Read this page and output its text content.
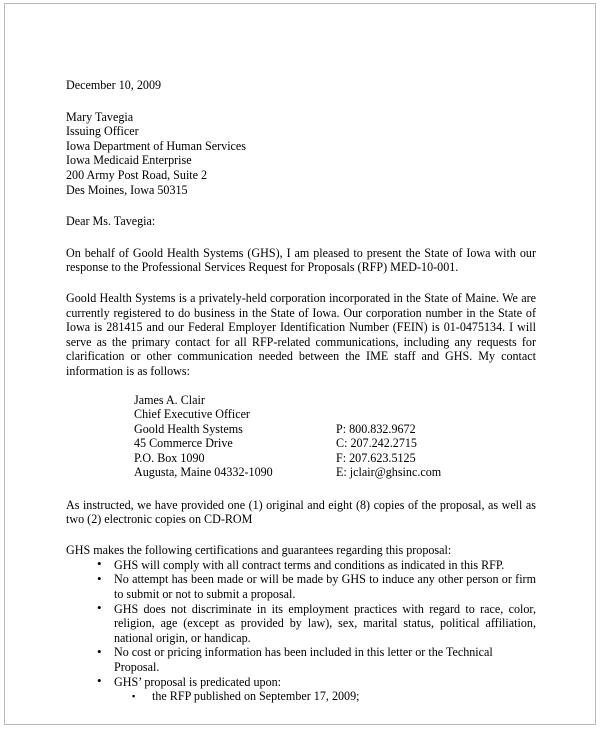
December 10, 2009
Mary Tavegia
Issuing Officer
Iowa Department of Human Services
Iowa Medicaid Enterprise
200 Army Post Road, Suite 2
Des Moines, Iowa 50315
Dear Ms. Tavegia:

On behalf of Goold Health Systems (GHS), I am pleased to present the State of Iowa with our response to the Professional Services Request for Proposals (RFP) MED-10-001.

Goold Health Systems is a privately-held corporation incorporated in the State of Maine. We are currently registered to do business in the State of Iowa. Our corporation number in the State of Iowa is 281415 and our Federal Employer Identification Number (FEIN) is 01-0475134. I will serve as the primary contact for all RFP-related communications, including any requests for clarification or other communication needed between the IME staff and GHS. My contact information is as follows:

James A. Clair
Chief Executive Officer
Goold Health Systems
45 Commerce Drive
P.O. Box 1090
Augusta, Maine 04332-1090
P: 800.832.9672
C: 207.242.2715
F: 207.623.5125
E: jclair@ghsinc.com

As instructed, we have provided one (1) original and eight (8) copies of the proposal, as well as two (2) electronic copies on CD-ROM

GHS makes the following certifications and guarantees regarding this proposal:
• GHS will comply with all contract terms and conditions as indicated in this RFP.
• No attempt has been made or will be made by GHS to induce any other person or firm to submit or not to submit a proposal.
• GHS does not discriminate in its employment practices with regard to race, color, religion, age (except as provided by law), sex, marital status, political affiliation, national origin, or handicap.
• No cost or pricing information has been included in this letter or the Technical Proposal.
• GHS’ proposal is predicated upon:
▪ the RFP published on September 17, 2009;
